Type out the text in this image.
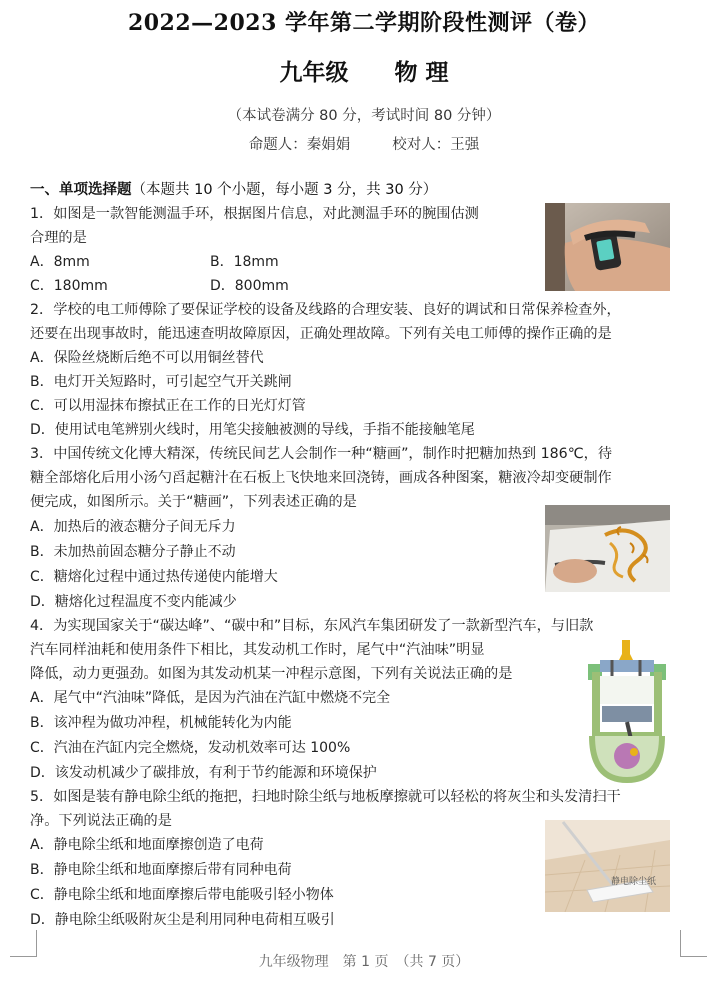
2022—2023 学年第二学期阶段性测评（卷）
九年级 物 理
（本试卷满分 80 分，考试时间 80 分钟）
命题人：秦娟娟	校对人：王强
一、单项选择题（本题共 10 个小题，每小题 3 分，共 30 分）
1．如图是一款智能测温手环，根据图片信息，对此测温手环的腕围估测
合理的是
A．8mm	B．18mm
C．180mm	D．800mm
2．学校的电工师傅除了要保证学校的设备及线路的合理安装、良好的调试和日常保养检查外，
还要在出现事故时，能迅速查明故障原因，正确处理故障。下列有关电工师傅的操作正确的是
A．保险丝烧断后绝不可以用铜丝替代
B．电灯开关短路时，可引起空气开关跳闸
C．可以用湿抹布擦拭正在工作的日光灯灯管
D．使用试电笔辨别火线时，用笔尖接触被测的导线，手指不能接触笔尾
3．中国传统文化博大精深，传统民间艺人会制作一种“糖画”，制作时把糖加热到 186℃，待
糖全部熔化后用小汤勺舀起糖汁在石板上飞快地来回浇铸，画成各种图案，糖液冷却变硬制作
便完成，如图所示。关于“糖画”，下列表述正确的是
A．加热后的液态糖分子间无斥力
B．未加热前固态糖分子静止不动
C．糖熔化过程中通过热传递使内能增大
D．糖熔化过程温度不变内能减少
4．为实现国家关于“碳达峰”、“碳中和”目标，东风汽车集团研发了一款新型汽车，与旧款
汽车同样油耗和使用条件下相比，其发动机工作时，尾气中“汽油味”明显
降低，动力更强劲。如图为其发动机某一冲程示意图，下列有关说法正确的是
A．尾气中“汽油味”降低，是因为汽油在汽缸中燃烧不完全
B．该冲程为做功冲程，机械能转化为内能
C．汽油在汽缸内完全燃烧，发动机效率可达 100%
D．该发动机减少了碳排放，有利于节约能源和环境保护
5．如图是装有静电除尘纸的拖把，扫地时除尘纸与地板摩擦就可以轻松的将灰尘和头发清扫干
净。下列说法正确的是
A．静电除尘纸和地面摩擦创造了电荷
B．静电除尘纸和地面摩擦后带有同种电荷
C．静电除尘纸和地面摩擦后带电能吸引轻小物体
D．静电除尘纸吸附灰尘是利用同种电荷相互吸引
静电除尘纸
九年级物理　第 1 页　（共 7 页）
